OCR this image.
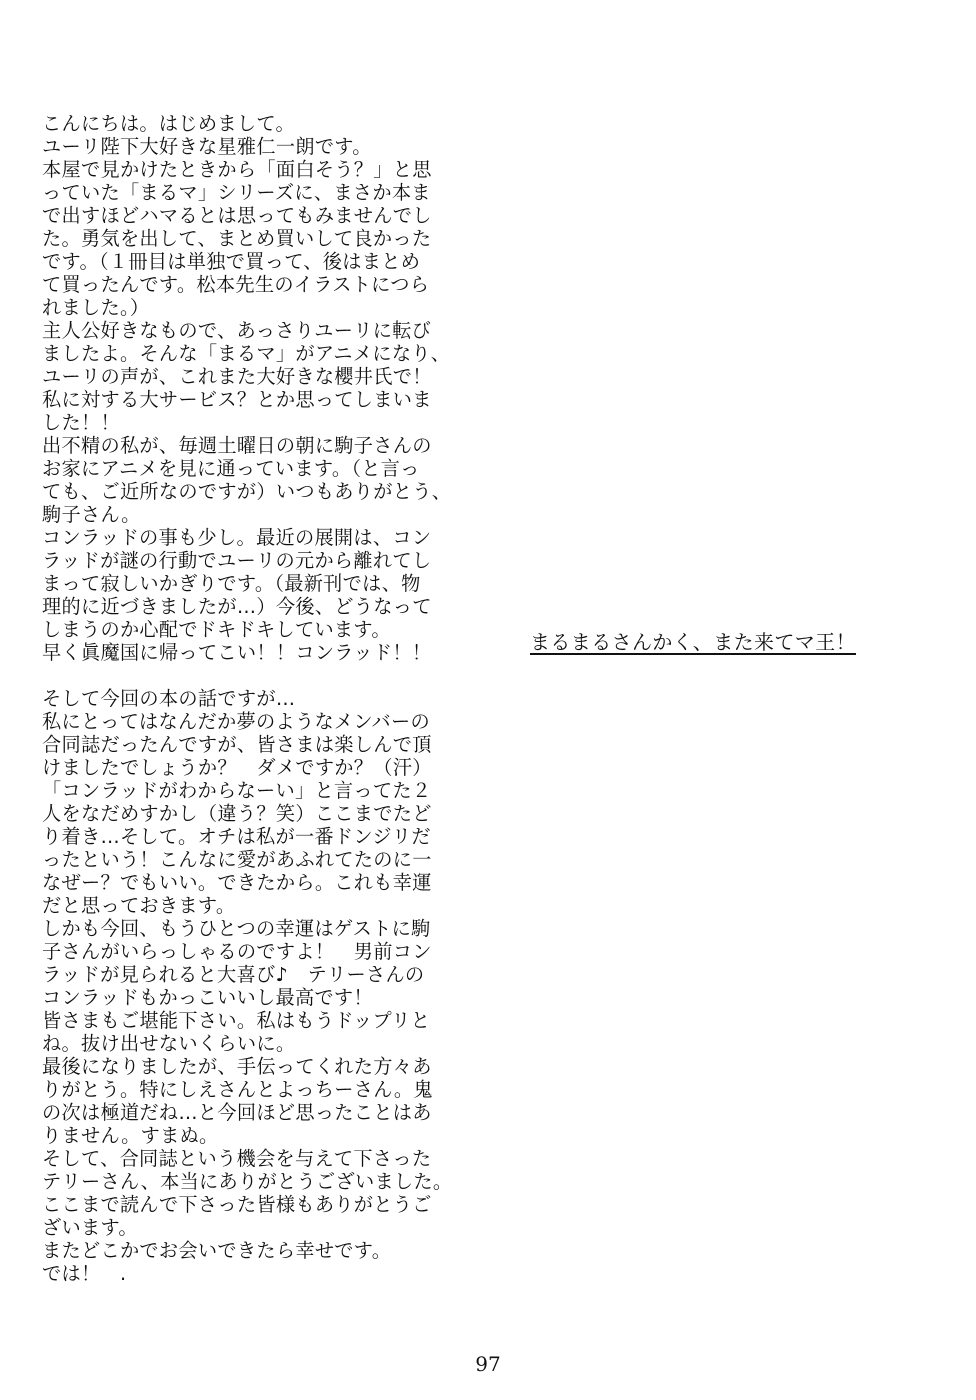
こんにちは。はじめまして。
ユーリ陛下大好きな星雅仁一朗です。
本屋で見かけたときから「面白そう？」と思
っていた「まるマ」シリーズに、まさか本ま
で出すほどハマるとは思ってもみませんでし
た。勇気を出して、まとめ買いして良かった
です。（１冊目は単独で買って、後はまとめ
て買ったんです。松本先生のイラストにつら
れました。）
主人公好きなもので、あっさりユーリに転び
ましたよ。そんな「まるマ」がアニメになり、
ユーリの声が、これまた大好きな櫻井氏で！
私に対する大サービス？とか思ってしまいま
した！！
出不精の私が、毎週土曜日の朝に駒子さんの
お家にアニメを見に通っています。（と言っ
ても、ご近所なのですが）いつもありがとう、
駒子さん。
コンラッドの事も少し。最近の展開は、コン
ラッドが謎の行動でユーリの元から離れてし
まって寂しいかぎりです。（最新刊では、物
理的に近づきましたが…）今後、どうなって
しまうのか心配でドキドキしています。
早く眞魔国に帰ってこい！！コンラッド！！
そして今回の本の話ですが…
私にとってはなんだか夢のようなメンバーの
合同誌だったんですが、皆さまは楽しんで頂
けましたでしょうか？　ダメですか？（汗）
「コンラッドがわからなーい」と言ってた２
人をなだめすかし（違う？笑）ここまでたど
り着き…そして。オチは私が一番ドンジリだ
ったという！こんなに愛があふれてたのに一
なぜー？でもいい。できたから。これも幸運
だと思っておきます。
しかも今回、もうひとつの幸運はゲストに駒
子さんがいらっしゃるのですよ！　男前コン
ラッドが見られると大喜び♪　テリーさんの
コンラッドもかっこいいし最高です！
皆さまもご堪能下さい。私はもうドップリと
ね。抜け出せないくらいに。
最後になりましたが、手伝ってくれた方々あ
りがとう。特にしえさんとよっちーさん。鬼
の次は極道だね…と今回ほど思ったことはあ
りません。すまぬ。
そして、合同誌という機会を与えて下さった
テリーさん、本当にありがとうございました。
ここまで読んで下さった皆様もありがとうご
ざいます。
またどこかでお会いできたら幸せです。
では！　.
まるまるさんかく、また来てマ王！
97
